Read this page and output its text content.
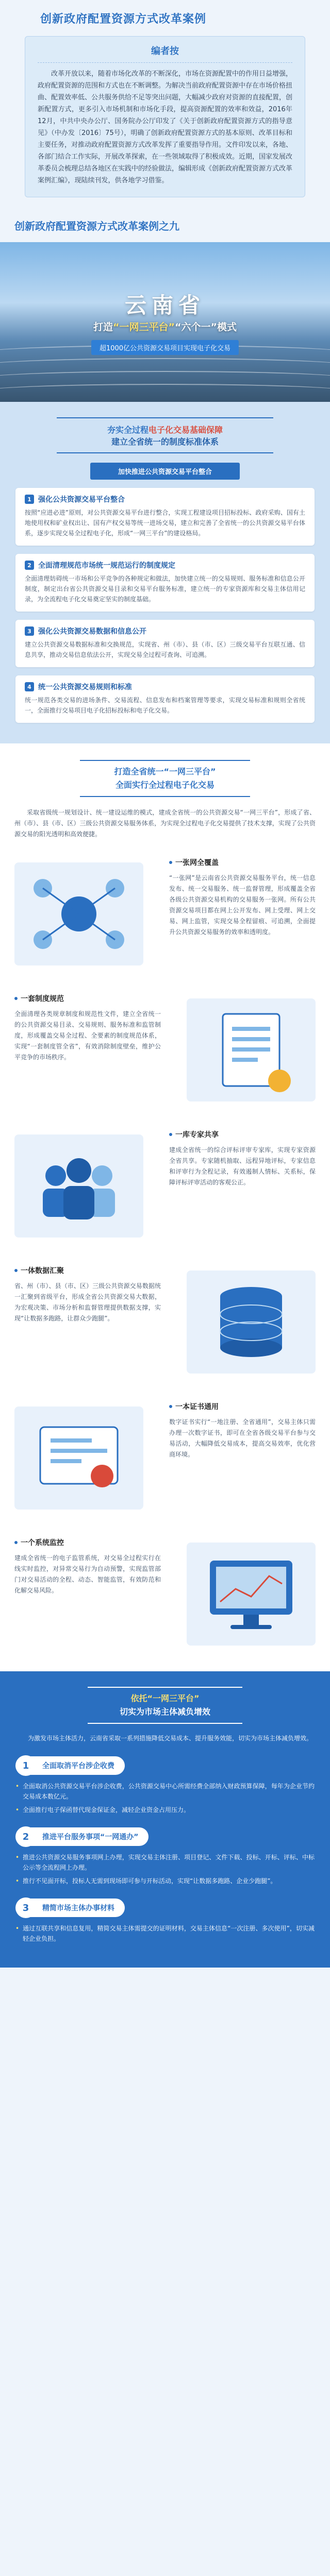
创新政府配置资源方式改革案例
编者按
改革开放以来，随着市场化改革的不断深化，市场在资源配置中的作用日益增强，政府配置资源的范围和方式也在不断调整。为解决当前政府配置资源中存在市场价格扭曲、配置效率低、公共服务供给不足等突出问题，大幅减少政府对资源的直接配置，创新配置方式，更多引入市场机制和市场化手段，提高资源配置的效率和效益，2016年12月，中共中央办公厅、国务院办公厅印发了《关于创新政府配置资源方式的指导意见》（中办发〔2016〕75号），明确了创新政府配置资源方式的基本原则、改革目标和主要任务，对推动政府配置资源方式改革发挥了重要指导作用。文件印发以来，各地、各部门结合工作实际，开展改革探索，在一些领域取得了积极成效。近期，国家发展改革委员会梳理总结各地区在实践中的经验做法，编辑形成《创新政府配置资源方式改革案例汇编》，现陆续刊发，供各地学习借鉴。
创新政府配置资源方式改革案例之九
云南省
打造“一网三平台”“六个一”模式
超1000亿公共资源交易项目实现电子化交易
夯实全过程电子化交易基础保障
建立全省统一的制度标准体系
加快推进公共资源交易平台整合
1 强化公共资源交易平台整合
按照“应进必进”原则，对公共资源交易平台进行整合，实现工程建设项目招标投标、政府采购、国有土地使用权和矿业权出让、国有产权交易等统一进场交易，建立和完善了全省统一的公共资源交易平台体系，逐步实现交易全过程电子化，形成“一网三平台”的建设格局。
2 全面清理规范市场统一规范运行的制度规定
全面清理妨碍统一市场和公平竞争的各种规定和做法，加快建立统一的交易规则、服务标准和信息公开制度，制定出台省公共资源交易目录和交易平台服务标准，建立统一的专家资源库和交易主体信用记录，为全流程电子化交易奠定坚实的制度基础。
3 强化公共资源交易数据和信息公开
建立公共资源交易数据标准和交换规范，实现省、州（市）、县（市、区）三级交易平台互联互通、信息共享，推动交易信息依法公开，实现交易全过程可查询、可追溯。
4 统一公共资源交易规则和标准
统一规范各类交易的进场条件、交易流程、信息发布和档案管理等要求，实现交易标准和规则全省统一，全面推行交易项目电子化招标投标和电子化交易。
打造全省统一“一网三平台”
全面实行全过程电子化交易
采取省级统一规划设计、统一建设运维的模式，建成全省统一的公共资源交易“一网三平台”，形成了省、州（市）、县（市、区）三级公共资源交易服务体系，为实现全过程电子化交易提供了技术支撑，实现了公共资源交易的阳光透明和高效便捷。
一张网全覆盖
“一张网”是云南省公共资源交易服务平台，统一信息发布、统一交易服务、统一监督管理，形成覆盖全省各级公共资源交易机构的交易服务一张网。所有公共资源交易项目都在网上公开发布、网上受理、网上交易、网上监管，实现交易全程留痕、可追溯，全面提升公共资源交易服务的效率和透明度。
一套制度规范
全面清理各类规章制度和规范性文件，建立全省统一的公共资源交易目录、交易规则、服务标准和监管制度，形成覆盖交易全过程、全要素的制度规范体系，实现“一套制度管全省”，有效消除制度壁垒，维护公平竞争的市场秩序。
一库专家共享
建成全省统一的综合评标评审专家库，实现专家资源全省共享。专家随机抽取、远程异地评标，专家信息和评审行为全程记录，有效遏制人情标、关系标，保障评标评审活动的客观公正。
一体数据汇聚
省、州（市）、县（市、区）三级公共资源交易数据统一汇聚到省级平台，形成全省公共资源交易大数据，为宏观决策、市场分析和监督管理提供数据支撑，实现“让数据多跑路，让群众少跑腿”。
一本证书通用
数字证书实行“一地注册、全省通用”，交易主体只需办理一次数字证书，即可在全省各级交易平台参与交易活动，大幅降低交易成本，提高交易效率，优化营商环境。
一个系统监控
建成全省统一的电子监管系统，对交易全过程实行在线实时监控，对异常交易行为自动预警，实现监管部门对交易活动的全程、动态、智能监管，有效防范和化解交易风险。
依托“一网三平台”
切实为市场主体减负增效
为激发市场主体活力，云南省采取一系列措施降低交易成本、提升服务效能，切实为市场主体减负增效。
1	全面取消平台涉企收费
• 全面取消公共资源交易平台涉企收费，公共资源交易中心所需经费全部纳入财政预算保障，每年为企业节约交易成本数亿元。
• 全面推行电子保函替代现金保证金，减轻企业资金占用压力。
2	推进平台服务事项“一网通办”
• 推进公共资源交易服务事项网上办理，实现交易主体注册、项目登记、文件下载、投标、开标、评标、中标公示等全流程网上办理。
• 推行不见面开标，投标人无需到现场即可参与开标活动，实现“让数据多跑路、企业少跑腿”。
3	精简市场主体办事材料
• 通过互联共享和信息复用，精简交易主体需提交的证明材料，交易主体信息“一次注册、多次使用”，切实减轻企业负担。
